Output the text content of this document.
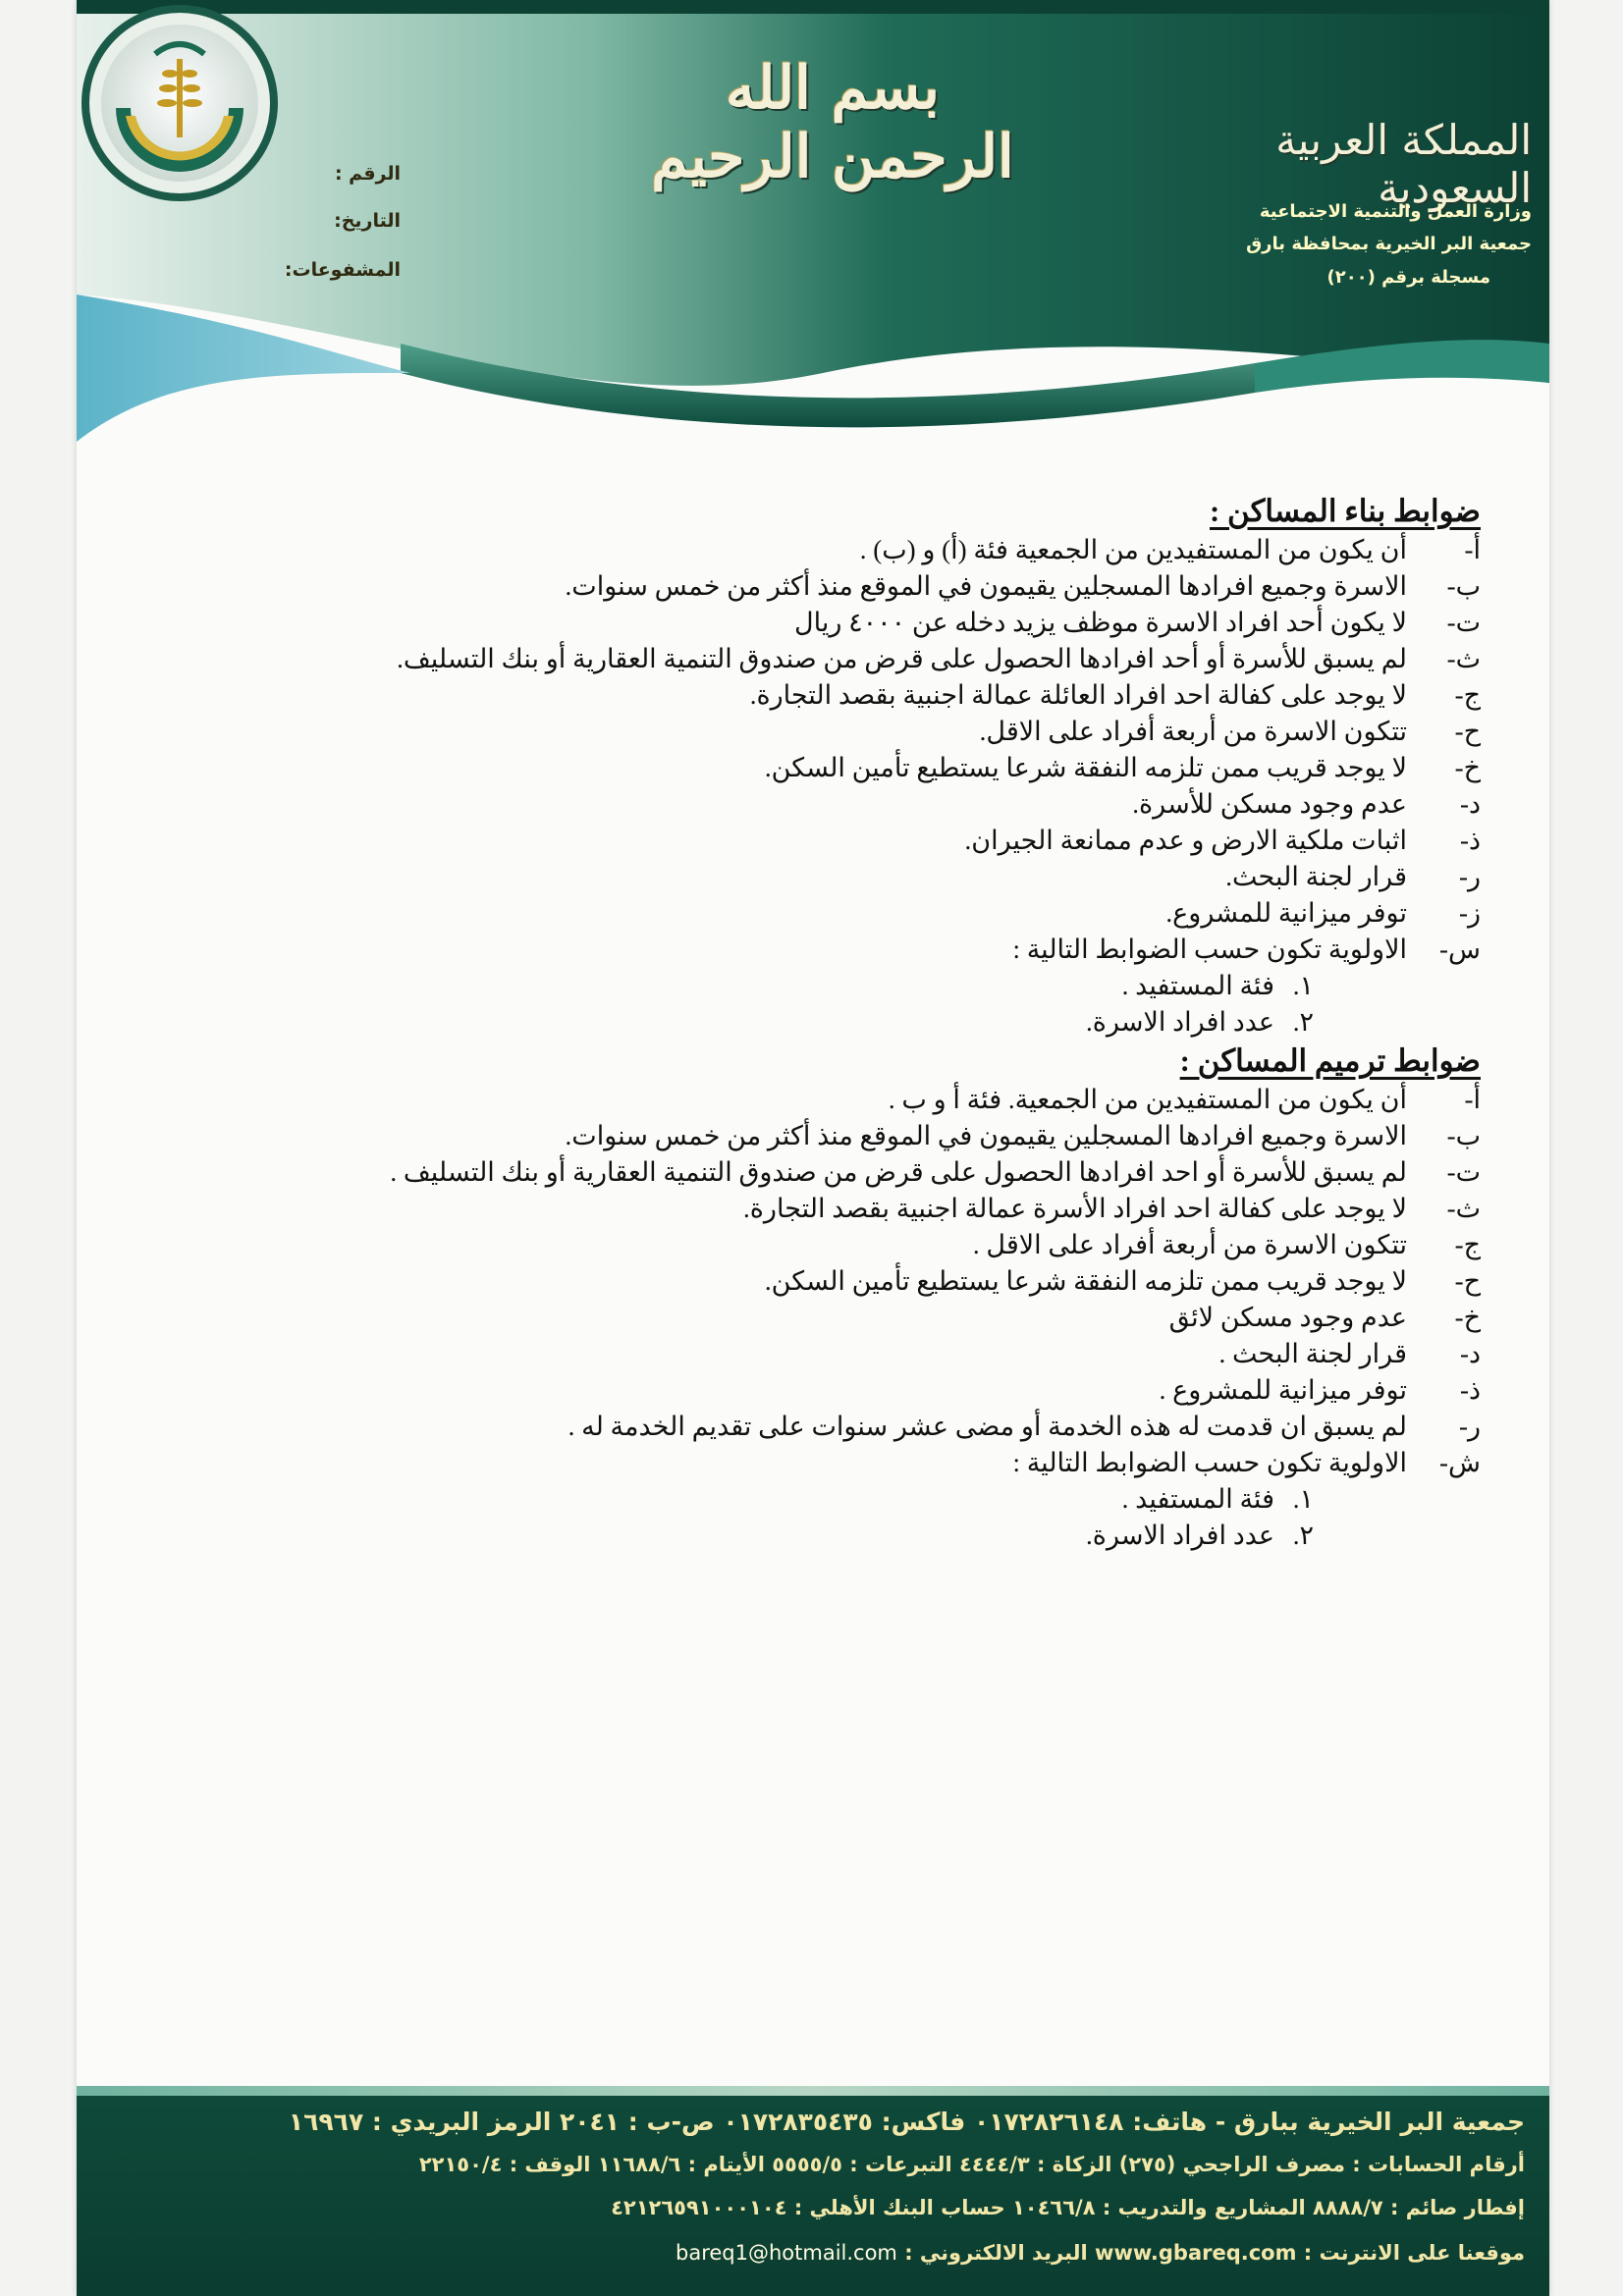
بسم الله الرحمن الرحيم	المملكة العربية السعودية
وزارة العمل والتنمية الاجتماعية
جمعية البر الخيرية بمحافظة بارق
مسجلة برقم (٢٠٠)
الرقم :
التاريخ:
المشفوعات:
ضوابط بناء المساكن :
أ-
أن يكون من المستفيدين من الجمعية فئة (أ) و (ب) .
ب-
الاسرة وجميع افرادها المسجلين يقيمون في الموقع منذ أكثر من خمس سنوات.
ت-
لا يكون أحد افراد الاسرة موظف يزيد دخله عن ٤٠٠٠ ريال
ث-
لم يسبق للأسرة أو أحد افرادها الحصول على قرض من صندوق التنمية العقارية أو بنك التسليف.
ج-
لا يوجد على كفالة احد افراد العائلة عمالة اجنبية بقصد التجارة.
ح-
تتكون الاسرة من أربعة أفراد على الاقل.
خ-
لا يوجد قريب ممن تلزمه النفقة شرعا يستطيع تأمين السكن.
د-
عدم وجود مسكن للأسرة.
ذ-
اثبات ملكية الارض و عدم ممانعة الجيران.
ر-
قرار لجنة البحث.
ز-
توفر ميزانية للمشروع.
س-
الاولوية تكون حسب الضوابط التالية :
١.
فئة المستفيد .
٢.
عدد افراد الاسرة.
ضوابط ترميم المساكن :
أ-
أن يكون من المستفيدين من الجمعية. فئة أ و ب .
ب-
الاسرة وجميع افرادها المسجلين يقيمون في الموقع منذ أكثر من خمس سنوات.
ت-
لم يسبق للأسرة أو احد افرادها الحصول على قرض من صندوق التنمية العقارية أو بنك التسليف .
ث-
لا يوجد على كفالة احد افراد الأسرة عمالة اجنبية بقصد التجارة.
ج-
تتكون الاسرة من أربعة أفراد على الاقل .
ح-
لا يوجد قريب ممن تلزمه النفقة شرعا يستطيع تأمين السكن.
خ-
عدم وجود مسكن لائق
د-
قرار لجنة البحث .
ذ-
توفر ميزانية للمشروع .
ر-
لم يسبق ان قدمت له هذه الخدمة أو مضى عشر سنوات على تقديم الخدمة له .
ش-
الاولوية تكون حسب الضوابط التالية :
١.
فئة المستفيد .
٢.
عدد افراد الاسرة.
جمعية البر الخيرية ببارق - هاتف: ٠١٧٢٨٢٦١٤٨ فاكس: ٠١٧٢٨٣٥٤٣٥ ص-ب : ٢٠٤١ الرمز البريدي : ١٦٩٦٧
أرقام الحسابات : مصرف الراجحي (٢٧٥) الزكاة : ٤٤٤٤/٣ التبرعات : ٥٥٥٥/٥ الأيتام : ١١٦٨٨/٦ الوقف : ٢٢١٥٠/٤
إفطار صائم : ٨٨٨٨/٧ المشاريع والتدريب : ١٠٤٦٦/٨ حساب البنك الأهلي : ٤٢١٢٦٥٩١٠٠٠١٠٤
موقعنا على الانترنت : www.gbareq.com البريد الالكتروني : bareq1@hotmail.com
